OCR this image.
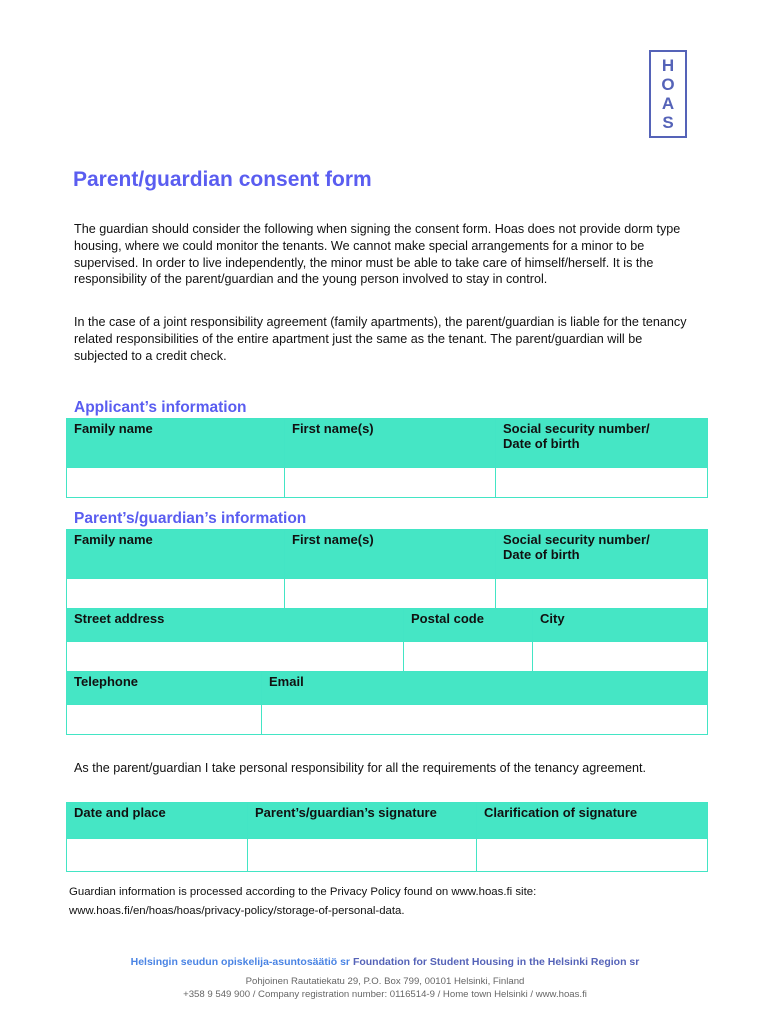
H
O
A
S
Parent/guardian consent form

The guardian should consider the following when signing the consent form. Hoas does not provide dorm type housing, where we could monitor the tenants. We cannot make special arrangements for a minor to be supervised. In order to live independently, the minor must be able to take care of himself/herself. It is the responsibility of the parent/guardian and the young person involved to stay in control.

In the case of a joint responsibility agreement (family apartments), the parent/guardian is liable for the tenancy related responsibilities of the entire apartment just the same as the tenant. The parent/guardian will be subjected to a credit check.

Applicant’s information
Family name	First name(s)	Social security number/
Date of birth

Parent’s/guardian’s information
Family name		First name(s)		Social security number/
Date of birth	

Street address			Postal code		City

Telephone	Email				

As the parent/guardian I take personal responsibility for all the requirements of the tenancy agreement.

Date and place	Parent’s/guardian’s signature	Clarification of signature

Guardian information is processed according to the Privacy Policy found on www.hoas.fi site:
www.hoas.fi/en/hoas/hoas/privacy-policy/storage-of-personal-data.

Helsingin seudun opiskelija-asuntosäätiö sr Foundation for Student Housing in the Helsinki Region sr

Pohjoinen Rautatiekatu 29, P.O. Box 799, 00101 Helsinki, Finland

+358 9 549 900 / Company registration number: 0116514-9 / Home town Helsinki / www.hoas.fi
